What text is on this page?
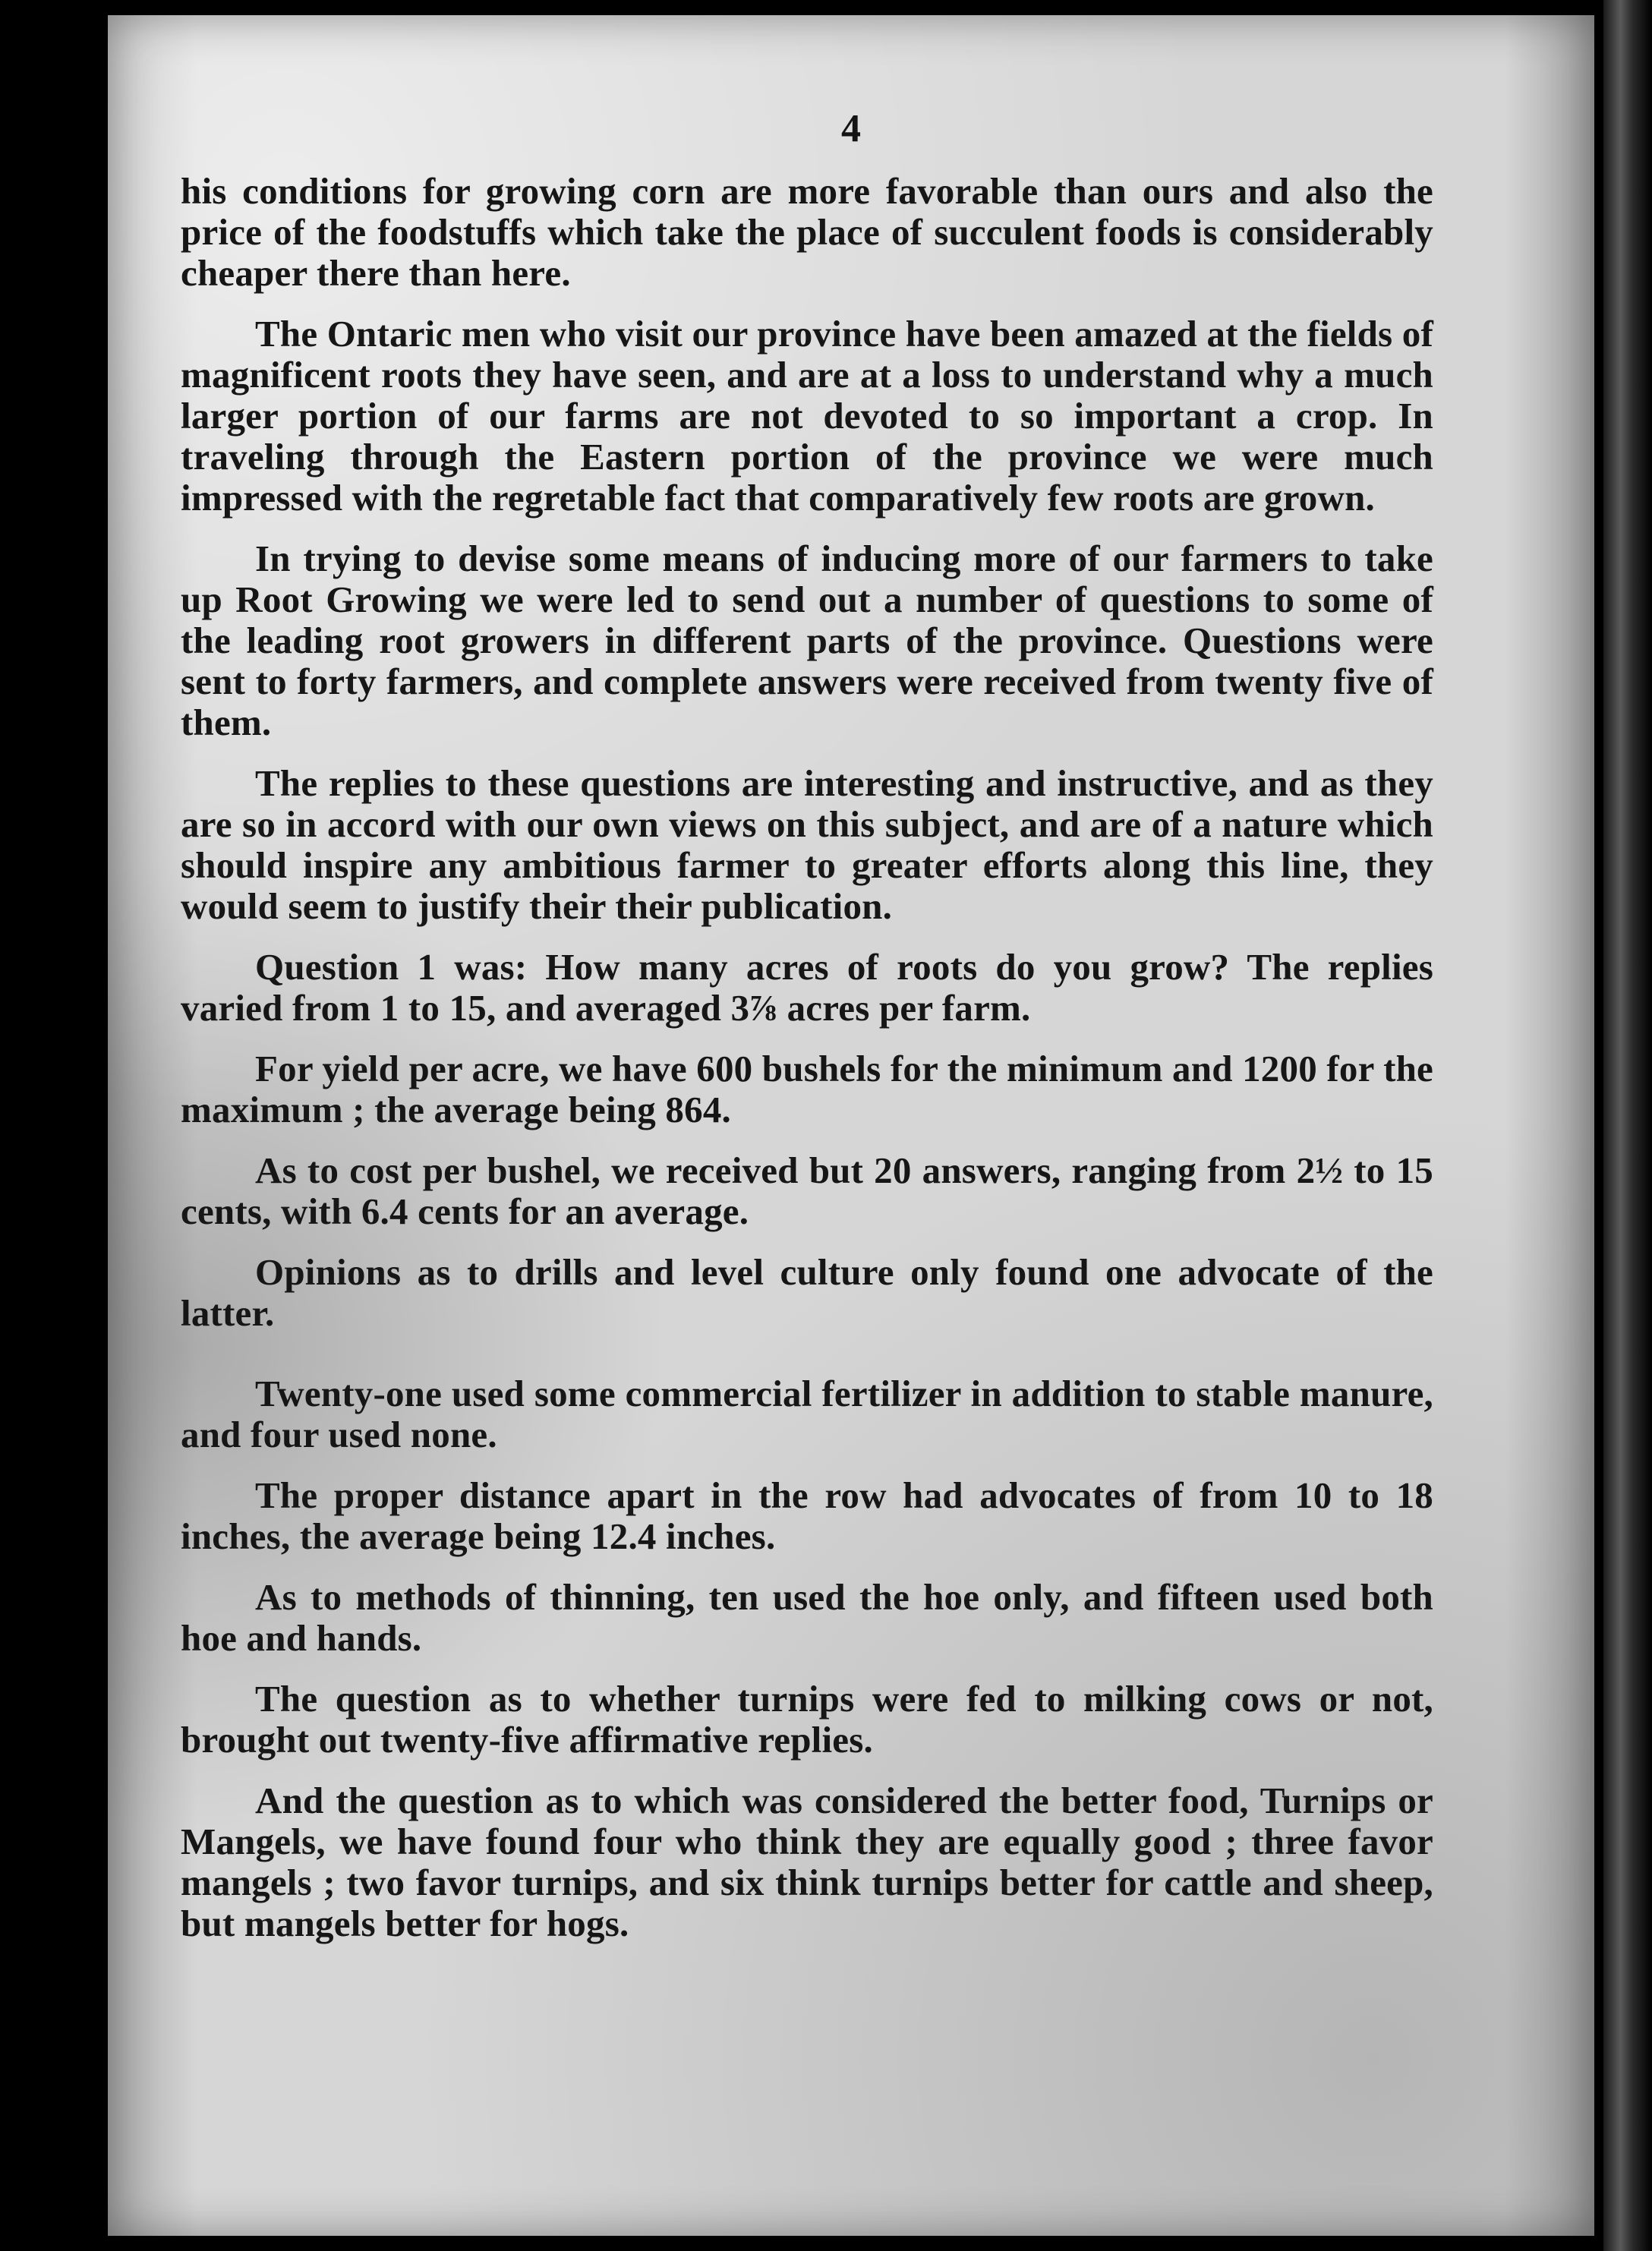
4

his conditions for growing corn are more favorable than ours and also the price of the foodstuffs which take the place of succulent foods is considerably cheaper there than here.

The Ontaric men who visit our province have been amazed at the fields of magnificent roots they have seen, and are at a loss to understand why a much larger portion of our farms are not devoted to so important a crop. In traveling through the Eastern portion of the province we were much impressed with the regretable fact that comparatively few roots are grown.

In trying to devise some means of inducing more of our farmers to take up Root Growing we were led to send out a number of questions to some of the leading root growers in different parts of the province. Questions were sent to forty farmers, and complete answers were received from twenty five of them.

The replies to these questions are interesting and instructive, and as they are so in accord with our own views on this subject, and are of a nature which should inspire any ambitious farmer to greater efforts along this line, they would seem to justify their their publication.

Question 1 was: How many acres of roots do you grow? The replies varied from 1 to 15, and averaged 3⅞ acres per farm.

For yield per acre, we have 600 bushels for the minimum and 1200 for the maximum ; the average being 864.

As to cost per bushel, we received but 20 answers, ranging from 2½ to 15 cents, with 6.4 cents for an average.

Opinions as to drills and level culture only found one advocate of the latter.

Twenty-one used some commercial fertilizer in addition to stable manure, and four used none.

The proper distance apart in the row had advocates of from 10 to 18 inches, the average being 12.4 inches.

As to methods of thinning, ten used the hoe only, and fifteen used both hoe and hands.

The question as to whether turnips were fed to milking cows or not, brought out twenty-five affirmative replies.

And the question as to which was considered the better food, Turnips or Mangels, we have found four who think they are equally good ; three favor mangels ; two favor turnips, and six think turnips better for cattle and sheep, but mangels better for hogs.
